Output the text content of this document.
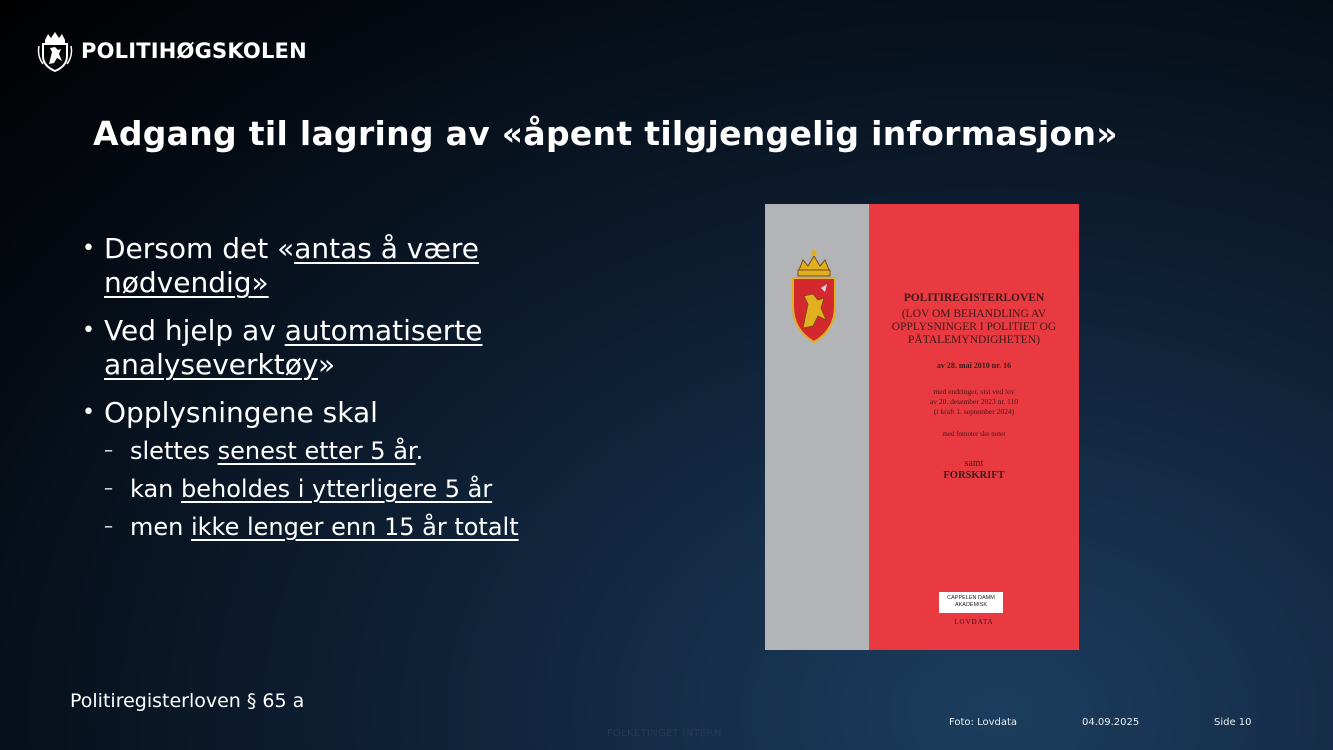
POLITIHØGSKOLEN
Adgang til lagring av «åpent tilgjengelig informasjon»
• Dersom det «antas å være nødvendig»
• Ved hjelp av automatiserte analyseverktøy»
• Opplysningene skal
– slettes senest etter 5 år.
– kan beholdes i ytterligere 5 år
– men ikke lenger enn 15 år totalt
POLITIREGISTERLOVEN
(LOV OM BEHANDLING AV OPPLYSNINGER I POLITIET OG PÅTALEMYNDIGHETEN)
av 28. mai 2010 nr. 16
med endringer, sist ved lov
av 20. desember 2023 nr. 110
(i kraft 1. september 2024)
med fotnoter ske noter
samt
FORSKRIFT
CAPPELEN DAMM
AKADEMISK
LOVDATA
Politiregisterloven § 65 a
Foto: Lovdata	04.09.2025	Side 10
FOLKETINGET INTERN
